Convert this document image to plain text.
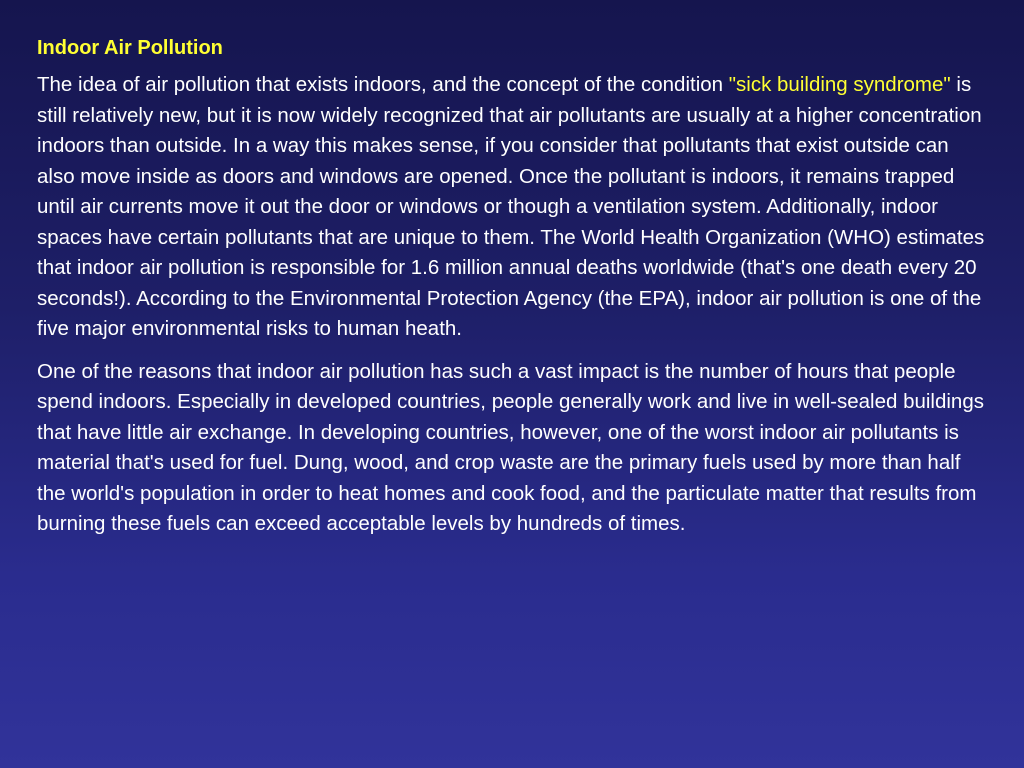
Indoor Air Pollution

The idea of air pollution that exists indoors, and the concept of the condition "sick building syndrome" is still relatively new, but it is now widely recognized that air pollutants are usually at a higher concentration indoors than outside. In a way this makes sense, if you consider that pollutants that exist outside can also move inside as doors and windows are opened. Once the pollutant is indoors, it remains trapped until air currents move it out the door or windows or though a ventilation system. Additionally, indoor spaces have certain pollutants that are unique to them. The World Health Organization (WHO) estimates that indoor air pollution is responsible for 1.6 million annual deaths worldwide (that's one death every 20 seconds!). According to the Environmental Protection Agency (the EPA), indoor air pollution is one of the five major environmental risks to human heath.

One of the reasons that indoor air pollution has such a vast impact is the number of hours that people spend indoors. Especially in developed countries, people generally work and live in well-sealed buildings that have little air exchange. In developing countries, however, one of the worst indoor air pollutants is material that's used for fuel. Dung, wood, and crop waste are the primary fuels used by more than half the world's population in order to heat homes and cook food, and the particulate matter that results from burning these fuels can exceed acceptable levels by hundreds of times.
